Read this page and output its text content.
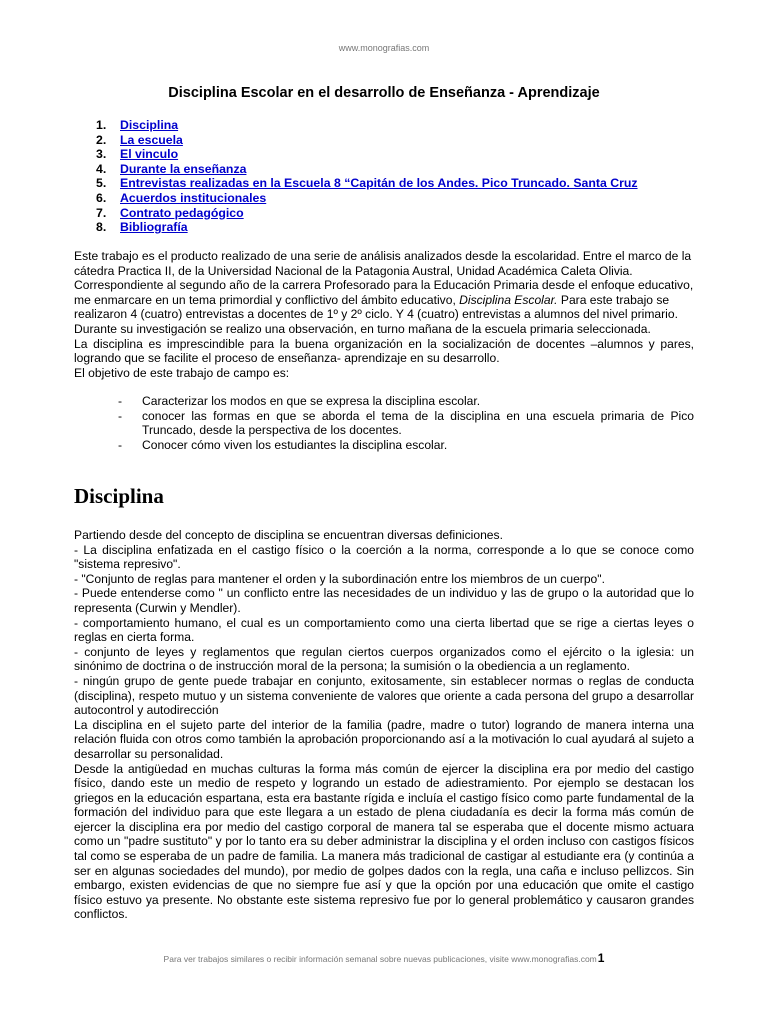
www.monografias.com
Disciplina Escolar en el desarrollo de Enseñanza - Aprendizaje
1. Disciplina
2. La escuela
3. El vinculo
4. Durante la enseñanza
5. Entrevistas realizadas en la Escuela 8 “Capitán de los Andes. Pico Truncado. Santa Cruz
6. Acuerdos institucionales
7. Contrato pedagógico
8. Bibliografía
Este trabajo es el producto realizado de una serie de análisis analizados desde la escolaridad. Entre el marco de la cátedra Practica II, de la Universidad Nacional de la Patagonia Austral, Unidad Académica Caleta Olivia. Correspondiente al segundo año de la carrera Profesorado para la Educación Primaria desde el enfoque educativo, me enmarcare en un tema primordial y conflictivo del ámbito educativo, Disciplina Escolar. Para este trabajo se realizaron 4 (cuatro) entrevistas a docentes de 1º y 2º ciclo. Y 4 (cuatro) entrevistas a alumnos del nivel primario. Durante su investigación se realizo una observación, en turno mañana de la escuela primaria seleccionada.
La disciplina es imprescindible para la buena organización en la socialización de docentes –alumnos y pares, logrando que se facilite el proceso de enseñanza- aprendizaje en su desarrollo.
El objetivo de este trabajo de campo es:
- Caracterizar los modos en que se expresa la disciplina escolar.
- conocer las formas en que se aborda el tema de la disciplina en una escuela primaria de Pico Truncado, desde la perspectiva de los docentes.
- Conocer cómo viven los estudiantes la disciplina escolar.
Disciplina

Partiendo desde del concepto de disciplina se encuentran diversas definiciones.

- La disciplina enfatizada en el castigo físico o la coerción a la norma, corresponde a lo que se conoce como "sistema represivo".

- "Conjunto de reglas para mantener el orden y la subordinación entre los miembros de un cuerpo".

- Puede entenderse como " un conflicto entre las necesidades de un individuo y las de grupo o la autoridad que lo representa (Curwin y Mendler).

- comportamiento humano, el cual es un comportamiento como una cierta libertad que se rige a ciertas leyes o reglas en cierta forma.

- conjunto de leyes y reglamentos que regulan ciertos cuerpos organizados como el ejército o la iglesia: un sinónimo de doctrina o de instrucción moral de la persona; la sumisión o la obediencia a un reglamento.

- ningún grupo de gente puede trabajar en conjunto, exitosamente, sin establecer normas o reglas de conducta (disciplina), respeto mutuo y un sistema conveniente de valores que oriente a cada persona del grupo a desarrollar autocontrol y autodirección

La disciplina en el sujeto parte del interior de la familia (padre, madre o tutor) logrando de manera interna una relación fluida con otros como también la aprobación proporcionando así a la motivación lo cual ayudará al sujeto a desarrollar su personalidad.

Desde la antigüedad en muchas culturas la forma más común de ejercer la disciplina era por medio del castigo físico, dando este un medio de respeto y logrando un estado de adiestramiento. Por ejemplo se destacan los griegos en la educación espartana, esta era bastante rígida e incluía el castigo físico como parte fundamental de la formación del individuo para que este llegara a un estado de plena ciudadanía es decir la forma más común de ejercer la disciplina era por medio del castigo corporal de manera tal se esperaba que el docente mismo actuara como un "padre sustituto" y por lo tanto era su deber administrar la disciplina y el orden incluso con castigos físicos tal como se esperaba de un padre de familia. La manera más tradicional de castigar al estudiante era (y continúa a ser en algunas sociedades del mundo), por medio de golpes dados con la regla, una caña e incluso pellizcos. Sin embargo, existen evidencias de que no siempre fue así y que la opción por una educación que omite el castigo físico estuvo ya presente. No obstante este sistema represivo fue por lo general problemático y causaron grandes conflictos.

Para ver trabajos similares o recibir información semanal sobre nuevas publicaciones, visite www.monografias.com1
